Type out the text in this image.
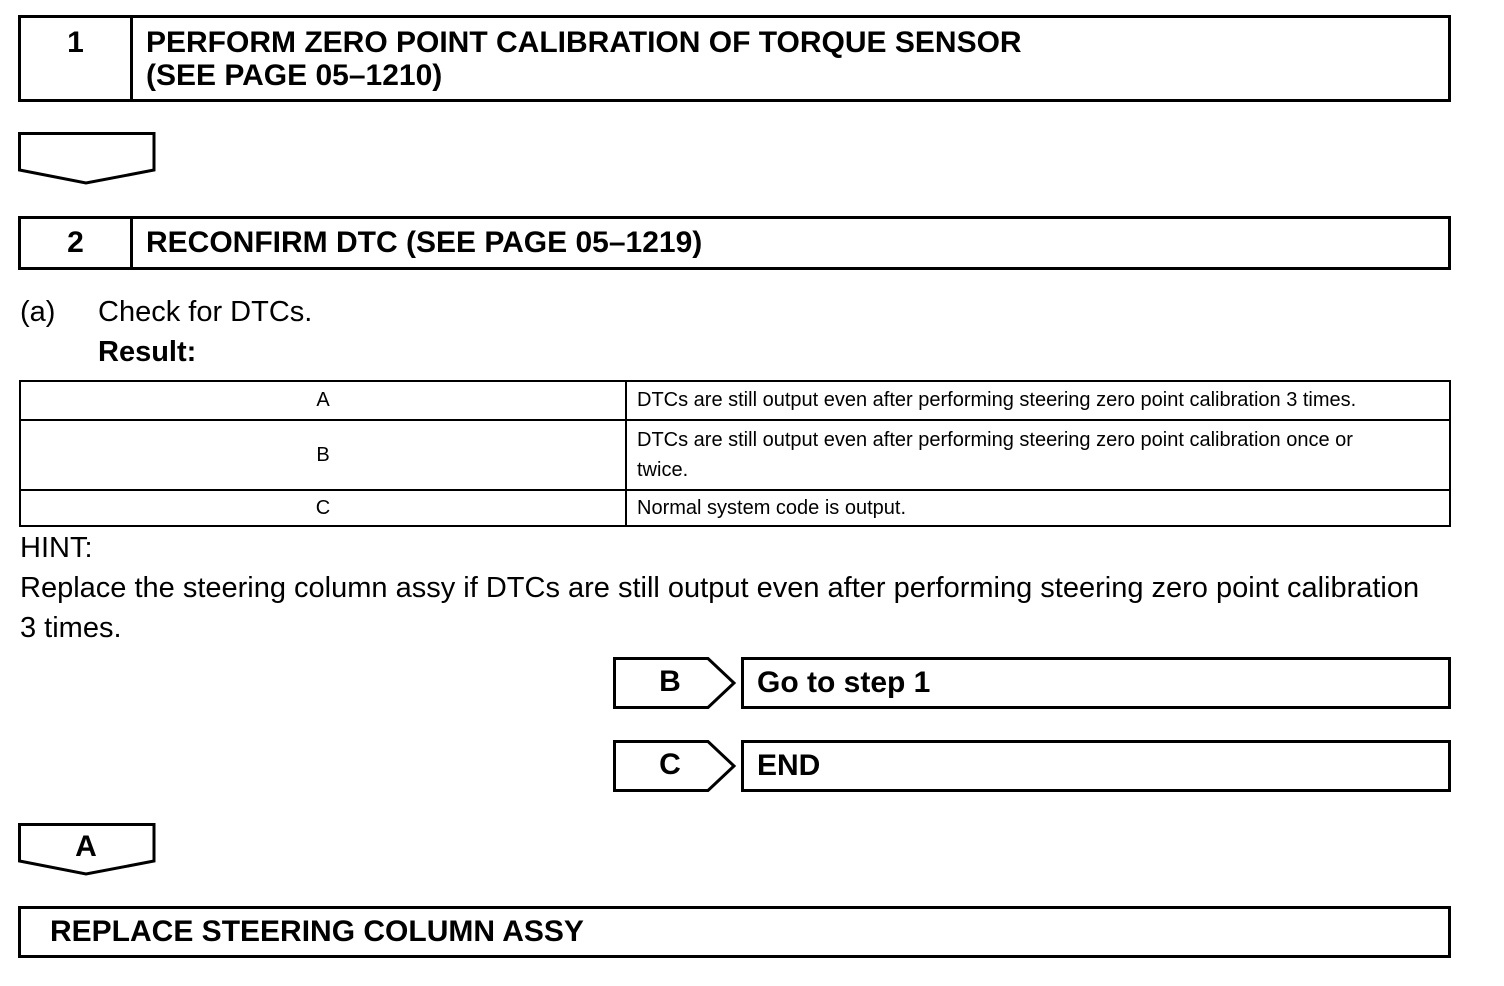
1	PERFORM ZERO POINT CALIBRATION OF TORQUE SENSOR
(SEE PAGE 05–1210)
2	RECONFIRM DTC (SEE PAGE 05–1219)
(a) Check for DTCs.
Result:
A	DTCs are still output even after performing steering zero point calibration 3 times.
B	DTCs are still output even after performing steering zero point calibration once or
twice.

C	Normal system code is output.
HINT:
Replace the steering column assy if DTCs are still output even after performing steering zero point calibration
3 times.
B	Go to step 1
C	END
A
REPLACE STEERING COLUMN ASSY
